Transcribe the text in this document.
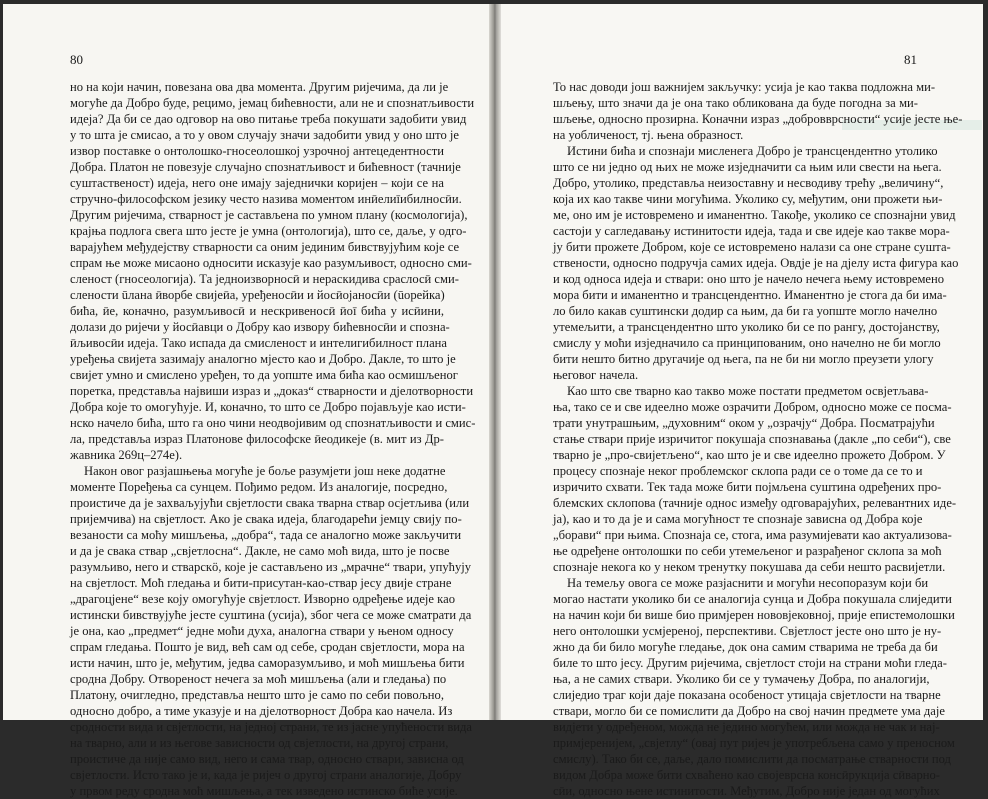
80	81
но на који начин, повезана ова два момента. Другим ријечима, да ли је
могуће да Добро буде, рецимо, јемац бићевности, али не и спознатљивости
идеја? Да би се дао одговор на ово питање треба покушати задобити увид
у то шта је смисао, а то у овом случају значи задобити увид у оно што је
извор поставке о онтолошко-гносеолошкој узрочној антецедентности
Добра. Платон не повезује случајно спознатљивост и бићевност (тачније
суштаственост) идеја, него оне имају заједнички коријен – који се на
стручно-философском језику често назива моментом инӣелиīибилносӣи.
Другим ријечима, стварност је састављена по умном плану (космологија),
крајња подлога свега што јесте је умна (онтологија), што се, даље, у одго-
варајућем међудејству стварности са оним јединим бивствујућим које се
спрам ње може мисаоно односити исказује као разумљивост, односно сми-
сленост (гносеологија). Та једноизворносӣ и нераскидива сраслосӣ сми-
слености ūлана ӣворбе свијеӣа, уређеносӣи и йосӣојаносӣи (ūорейка)
бића, ӣе, коначно, разумљивосӣ и нескривеносӣ ӣоī бића у исӣини,
долази до ријечи у йосӣавци о Добру као извору бићевносӣи и спозна-
ӣљивосӣи идеја. Тако испада да смисленост и интелигибилност плана
уређења свијета зазимају аналогно мјесто као и Добро. Дакле, то што је
свијет умно и смислено уређен, то да уопште има бића као осмишљеног
поретка, представља највиши израз и „доказ“ стварности и дјелотворности
Добра које то омогућује. И, коначно, то што се Добро појављује као исти-
нско начело бића, што га оно чини неодвојивим од спознатљивости и смис-
ла, представља израз Платонове философске ӣеодикеје (в. мит из Др-
жавника 269ц–274е).
Након овог разјашњења могуће је боље разумјети још неке додатне
моменте Поређења са сунцем. Пођимо редом. Из аналогије, посредно,
проистиче да је захваљујући свјетлости свака тварна ствар осјетљива (или
пријемчива) на свјетлост. Ако је свака идеја, благодарећи јемцу свију по-
везаности са моћу мишљења, „добра“, тада се аналогно може закључити
и да је свака ствар „свјетлосна“. Дакле, не само моћ вида, што је посве
разумљиво, него и стварскӧ, које је састављено из „мрачне“ твари, упућују
на свјетлост. Моћ гледања и бити-присутан-као-ствар јесу двије стране
„драгоцјене“ везе коју омогућује свјетлост. Изворно одређење идеје као
истински бивствујуће јесте суштина (усија), због чега се може сматрати да
је она, као „предмет“ једне моћи духа, аналогна ствари у њеном односу
спрам гледања. Пошто је вид, већ сам од себе, сродан свјетлости, мора на
исти начин, што је, међутим, једва саморазумљиво, и моћ мишљења бити
сродна Добру. Отвореност нечега за моћ мишљења (али и гледања) по
Платону, очигледно, представља нешто што је само по себи повољно,
односно добро, а тиме указује и на дјелотворност Добра као начела. Из
сродности вида и свјетлости, на једној страни, те из јасне упућености вида
на тварно, али и из његове зависности од свјетлости, на другој страни,
проистиче да није само вид, него и сама твар, односно ствари, зависна од
свјетлости. Исто тако је и, када је ријеч о другој страни аналогије, Добру
у првом реду сродна моћ мишљења, а тек изведено истинско биће усије.
То нас доводи још важнијем закључку: усија је као таква подложна ми-
шљењу, што значи да је она тако обликована да буде погодна за ми-
шљење, односно прозирна. Коначни израз „добровврсности“ усије јесте ње-
на уобличеност, тј. њена образност.
Истини бића и спознаји мисленега Добро је трансцендентно утолико
што се ни једно од њих не може изједначити са њим или свести на њега.
Добро, утолико, представља неизоставну и несводиву трећу „величину“,
која их као такве чини могућима. Уколико су, међутим, они прожети њи-
ме, оно им је истовремено и иманентно. Такође, уколико се спознајни увид
састоји у сагледавању истинитости идеја, тада и све идеје као такве мора-
ју бити прожете Добром, које се истовремено налази са оне стране сушта-
ствености, односно подручја самих идеја. Овдје је на дјелу иста фигура као
и код односа идеја и ствари: оно што је начело нечега њему истовремено
мора бити и иманентно и трансцендентно. Иманентно је стога да би има-
ло било какав суштински додир са њим, да би га уопште могло начелно
утемељити, а трансцендентно што уколико би се по рангу, достојанству,
смислу у моћи изједначило са принципованим, оно начелно не би могло
бити нешто битно другачије од њега, па не би ни могло преузети улогу
његовог начела.
Као што све тварно као такво може постати предметом освјетљава-
ња, тако се и све идеелно може озрачити Добром, односно може се посма-
трати унутрашњим, „духовним“ оком у „озрачју“ Добра. Посматрајући
стање ствари прије изричитог покушаја спознавања (дакле „по себи“), све
тварно је „про-свијетљено“, као што је и све идеелно прожето Добром. У
процесу спознаје неког проблемског склопа ради се о томе да се то и
изричито схвати. Тек тада може бити појмљена суштина одређених про-
блемских склопова (тачније однос између одговарајућих, релевантних иде-
ја), као и то да је и сама могућност те спознаје зависна од Добра које
„борави“ при њима. Спознаја се, стога, има разумијевати као актуализова-
ње одређене онтолошки по себи утемељеног и разрађеног склопа за моћ
спознаје некога ко у неком тренутку покушава да себи нешто расвијетли.
На темељу овога се може разјаснити и могући несопоразум који би
могао настати уколико би се аналогија сунца и Добра покушала слиједити
на начин који би више био примјерен нововјековној, прије епистемолошки
него онтолошки усмјереној, перспективи. Свјетлост јесте оно што је ну-
жно да би било могуће гледање, док она самим стварима не треба да би
биле то што јесу. Другим ријечима, свјетлост стоји на страни моћи гледа-
ња, а не самих ствари. Уколико би се у тумачењу Добра, по аналогији,
слиједио траг који даје показана особеност утицаја свјетлости на тварне
ствари, могло би се помислити да Добро на свој начин предмете ума даје
видјети у одређеном, можда не једино могућем, или можда не чак и нај-
примјеренијем, „свјетлу“ (овај пут ријеч је употребљена само у преносном
смислу). Тако би се, даље, дало помислити да посматрање стварности под
видом Добра може бити схваћено као својеврсна консӣрукција сӣварно-
сӣи, односно њене истинитости. Међутим, Добро није један од могућих
